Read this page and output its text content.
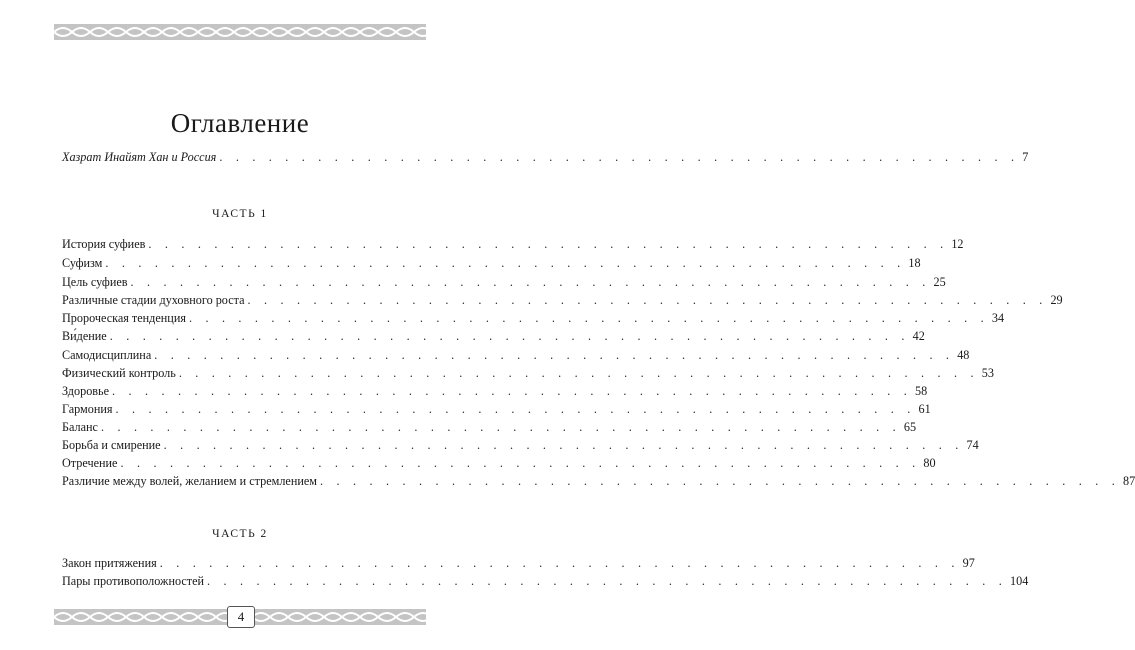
Оглавление
Хазрат Инайят Хан и Россия . . . . . . . . . . . . . . . . . . . . . . . . . . . . . . . . . . . . . . . . . . . . . . . . . 7
ЧАСТЬ 1
История суфиев . . . . . . . . . . . . . . . . . . . . . . . . . . . . . . . . . . . . . . . . . . . . . . . . . 12
Суфизм . . . . . . . . . . . . . . . . . . . . . . . . . . . . . . . . . . . . . . . . . . . . . . . . . 18
Цель суфиев . . . . . . . . . . . . . . . . . . . . . . . . . . . . . . . . . . . . . . . . . . . . . . . . . 25
Различные стадии духовного роста . . . . . . . . . . . . . . . . . . . . . . . . . . . . . . . . . . . . . . . . . . . . . . . . . 29
Пророческая тенденция . . . . . . . . . . . . . . . . . . . . . . . . . . . . . . . . . . . . . . . . . . . . . . . . . 34
Ви́дение . . . . . . . . . . . . . . . . . . . . . . . . . . . . . . . . . . . . . . . . . . . . . . . . . 42
Самодисциплина . . . . . . . . . . . . . . . . . . . . . . . . . . . . . . . . . . . . . . . . . . . . . . . . . 48
Физический контроль . . . . . . . . . . . . . . . . . . . . . . . . . . . . . . . . . . . . . . . . . . . . . . . . . 53
Здоровье . . . . . . . . . . . . . . . . . . . . . . . . . . . . . . . . . . . . . . . . . . . . . . . . . 58
Гармония . . . . . . . . . . . . . . . . . . . . . . . . . . . . . . . . . . . . . . . . . . . . . . . . . 61
Баланс . . . . . . . . . . . . . . . . . . . . . . . . . . . . . . . . . . . . . . . . . . . . . . . . . 65
Борьба и смирение . . . . . . . . . . . . . . . . . . . . . . . . . . . . . . . . . . . . . . . . . . . . . . . . . 74
Отречение . . . . . . . . . . . . . . . . . . . . . . . . . . . . . . . . . . . . . . . . . . . . . . . . . 80
Различие между волей, желанием и стремлением . . . . . . . . . . . . . . . . . . . . . . . . . . . . . . . . . . . . . . . . . . . . . . . . . 87
ЧАСТЬ 2
Закон притяжения . . . . . . . . . . . . . . . . . . . . . . . . . . . . . . . . . . . . . . . . . . . . . . . . . 97
Пары противоположностей . . . . . . . . . . . . . . . . . . . . . . . . . . . . . . . . . . . . . . . . . . . . . . . . . 104
4
